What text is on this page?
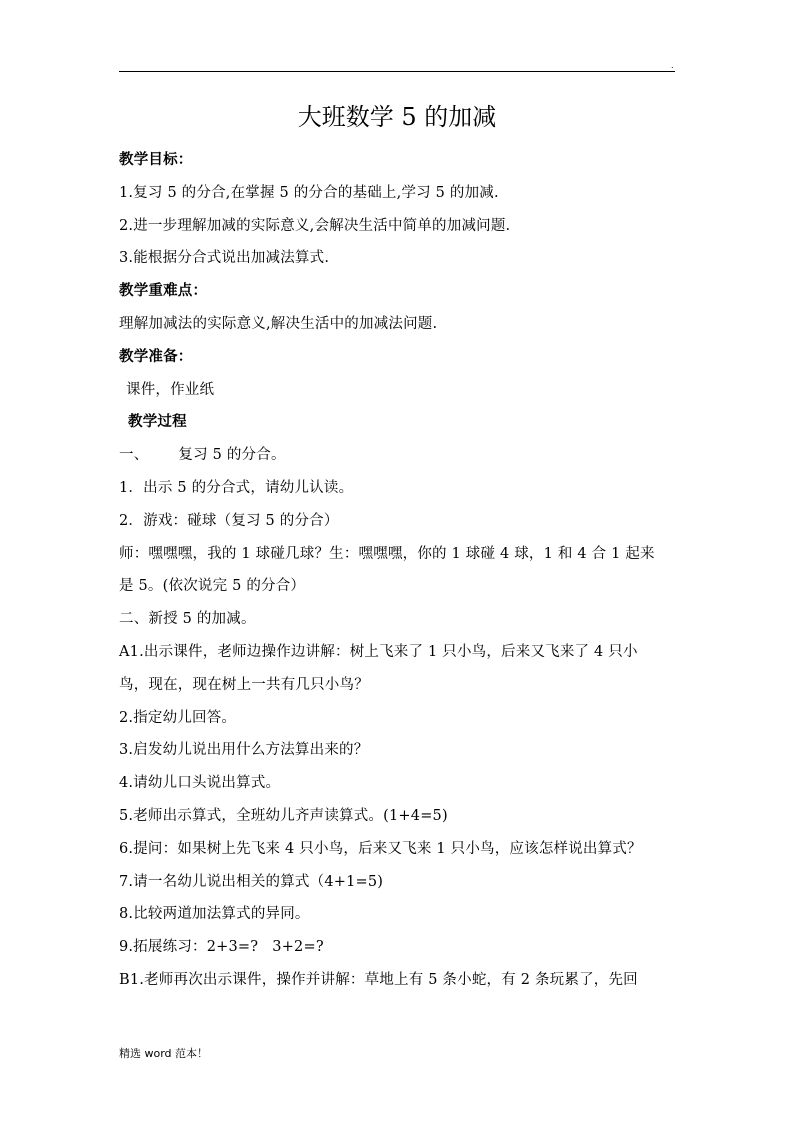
.
大班数学 5 的加减
教学目标：
1.复习 5 的分合,在掌握 5 的分合的基础上,学习 5 的加减.
2.进一步理解加减的实际意义,会解决生活中简单的加减问题.
3.能根据分合式说出加减法算式.
教学重难点：
理解加减法的实际意义,解决生活中的加减法问题.
教学准备：
课件，作业纸
教学过程
一、 复习 5 的分合。
1．出示 5 的分合式，请幼儿认读。
2．游戏：碰球（复习 5 的分合）
师：嘿嘿嘿，我的 1 球碰几球？生：嘿嘿嘿，你的 1 球碰 4 球，1 和 4 合 1 起来
是 5。(依次说完 5 的分合）
二、新授 5 的加减。
A1.出示课件，老师边操作边讲解：树上飞来了 1 只小鸟，后来又飞来了 4 只小
鸟，现在，现在树上一共有几只小鸟？
2.指定幼儿回答。
3.启发幼儿说出用什么方法算出来的？
4.请幼儿口头说出算式。
5.老师出示算式，全班幼儿齐声读算式。(1+4=5)
6.提问：如果树上先飞来 4 只小鸟，后来又飞来 1 只小鸟，应该怎样说出算式？
7.请一名幼儿说出相关的算式（4+1=5)
8.比较两道加法算式的异同。
9.拓展练习：2+3=? 3+2=?
B1.老师再次出示课件，操作并讲解：草地上有 5 条小蛇，有 2 条玩累了，先回
精选 word 范本！
